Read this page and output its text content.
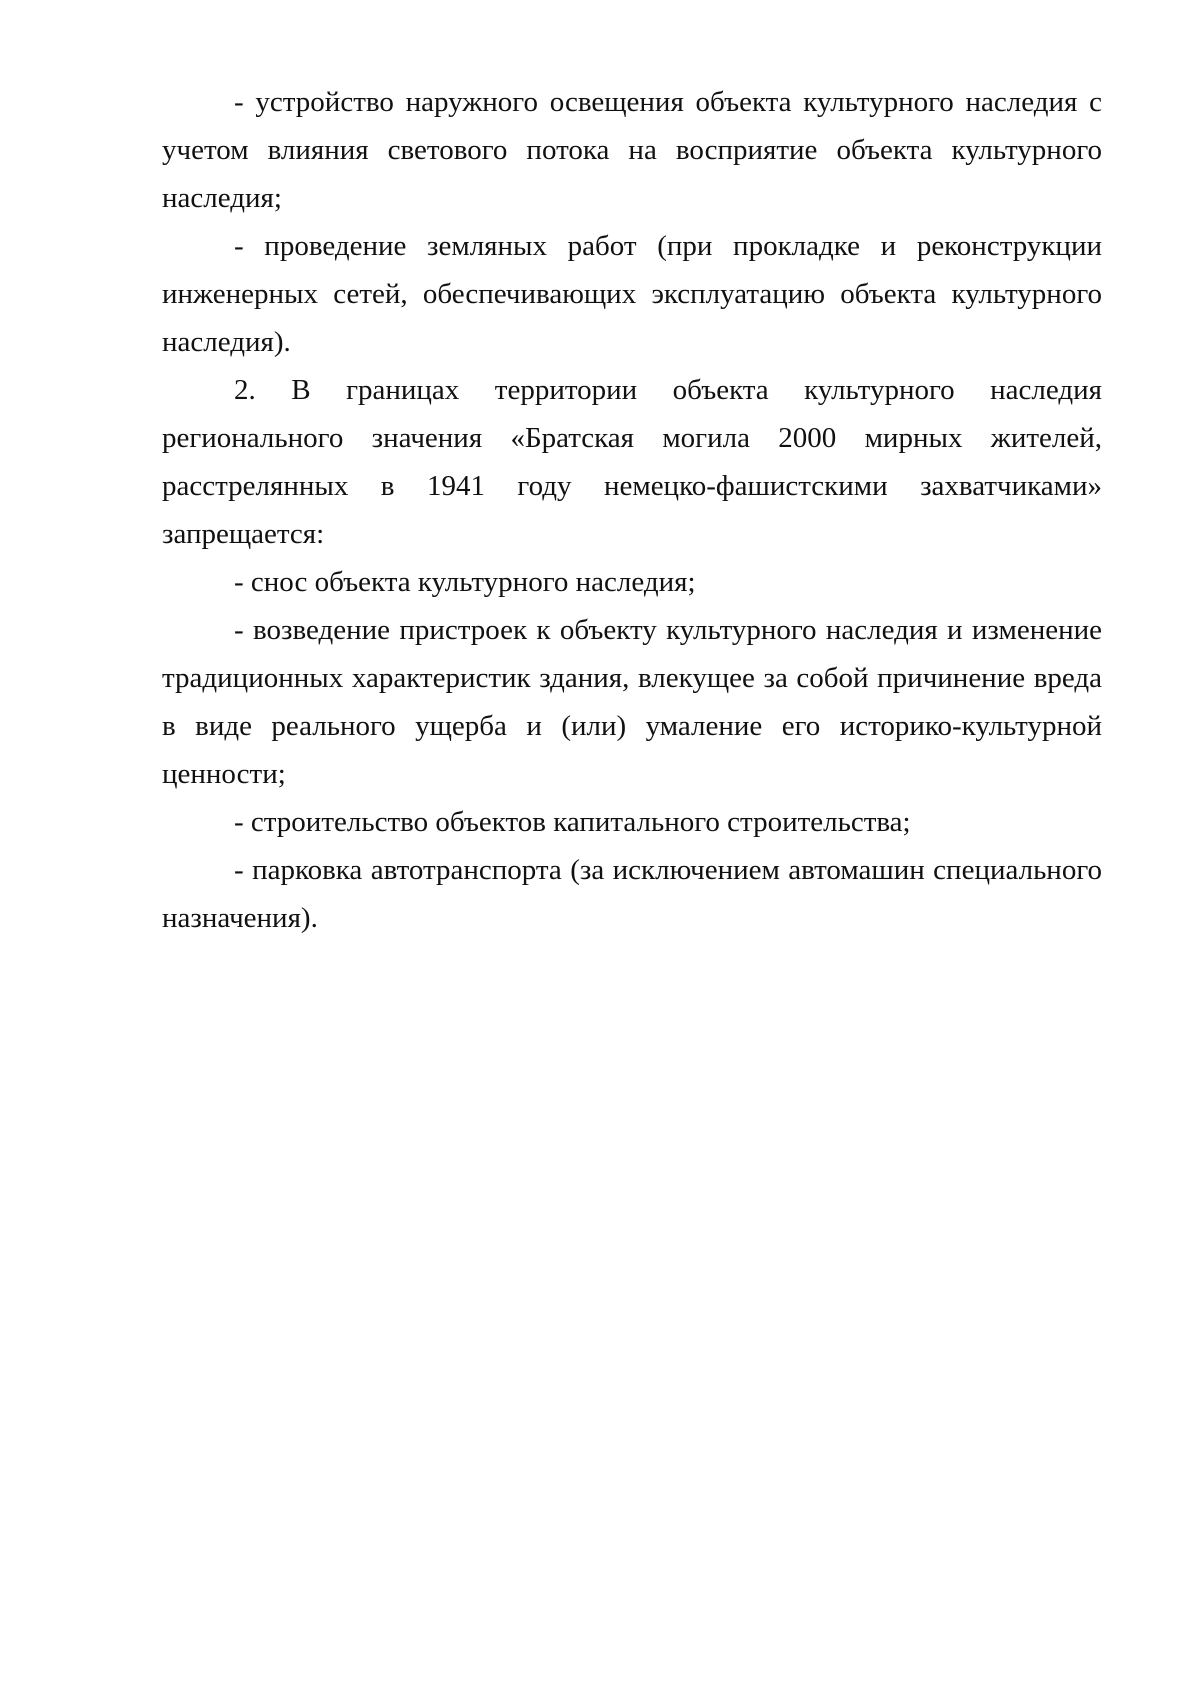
- устройство наружного освещения объекта культурного наследия с учетом влияния светового потока на восприятие объекта культурного наследия;

- проведение земляных работ (при прокладке и реконструкции инженерных сетей, обеспечивающих эксплуатацию объекта культурного наследия).

2. В границах территории объекта культурного наследия регионального значения «Братская могила 2000 мирных жителей, расстрелянных в 1941 году немецко-фашистскими захватчиками» запрещается:

- снос объекта культурного наследия;

- возведение пристроек к объекту культурного наследия и изменение традиционных характеристик здания, влекущее за собой причинение вреда в виде реального ущерба и (или) умаление его историко-культурной ценности;

- строительство объектов капитального строительства;

- парковка автотранспорта (за исключением автомашин специального назначения).
